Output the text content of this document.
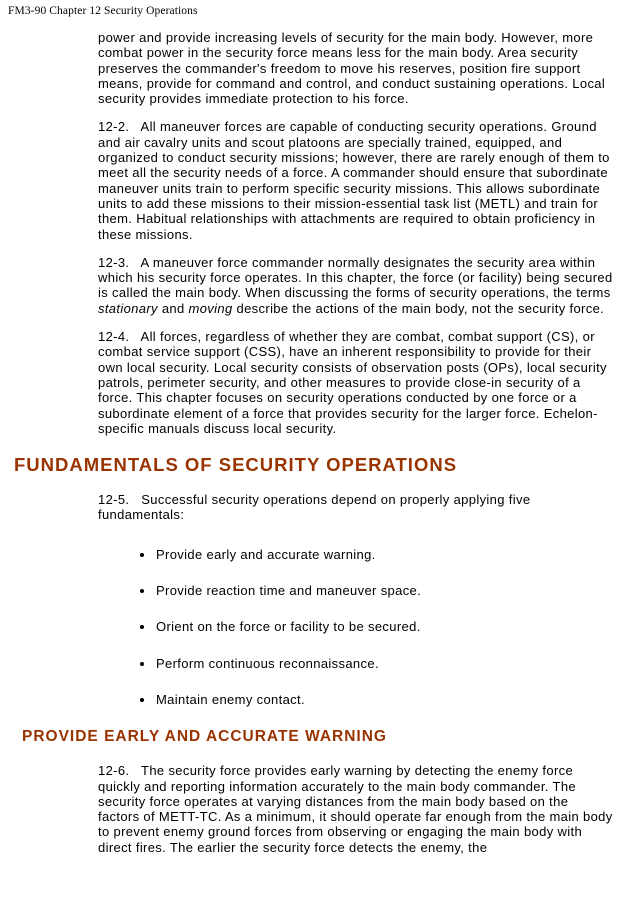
FM3-90 Chapter 12 Security Operations

power and provide increasing levels of security for the main body. However, more combat power in the security force means less for the main body. Area security preserves the commander's freedom to move his reserves, position fire support means, provide for command and control, and conduct sustaining operations. Local security provides immediate protection to his force.

12-2.   All maneuver forces are capable of conducting security operations. Ground and air cavalry units and scout platoons are specially trained, equipped, and organized to conduct security missions; however, there are rarely enough of them to meet all the security needs of a force. A commander should ensure that subordinate maneuver units train to perform specific security missions. This allows subordinate units to add these missions to their mission-essential task list (METL) and train for them. Habitual relationships with attachments are required to obtain proficiency in these missions.

12-3.   A maneuver force commander normally designates the security area within which his security force operates. In this chapter, the force (or facility) being secured is called the main body. When discussing the forms of security operations, the terms stationary and moving describe the actions of the main body, not the security force.

12-4.   All forces, regardless of whether they are combat, combat support (CS), or combat service support (CSS), have an inherent responsibility to provide for their own local security. Local security consists of observation posts (OPs), local security patrols, perimeter security, and other measures to provide close-in security of a force. This chapter focuses on security operations conducted by one force or a subordinate element of a force that provides security for the larger force. Echelon-specific manuals discuss local security.

FUNDAMENTALS OF SECURITY OPERATIONS

12-5.   Successful security operations depend on properly applying five fundamentals:

• Provide early and accurate warning.
• Provide reaction time and maneuver space.
• Orient on the force or facility to be secured.
• Perform continuous reconnaissance.
• Maintain enemy contact.
PROVIDE EARLY AND ACCURATE WARNING

12-6.   The security force provides early warning by detecting the enemy force quickly and reporting information accurately to the main body commander. The security force operates at varying distances from the main body based on the factors of METT-TC. As a minimum, it should operate far enough from the main body to prevent enemy ground forces from observing or engaging the main body with direct fires. The earlier the security force detects the enemy, the
